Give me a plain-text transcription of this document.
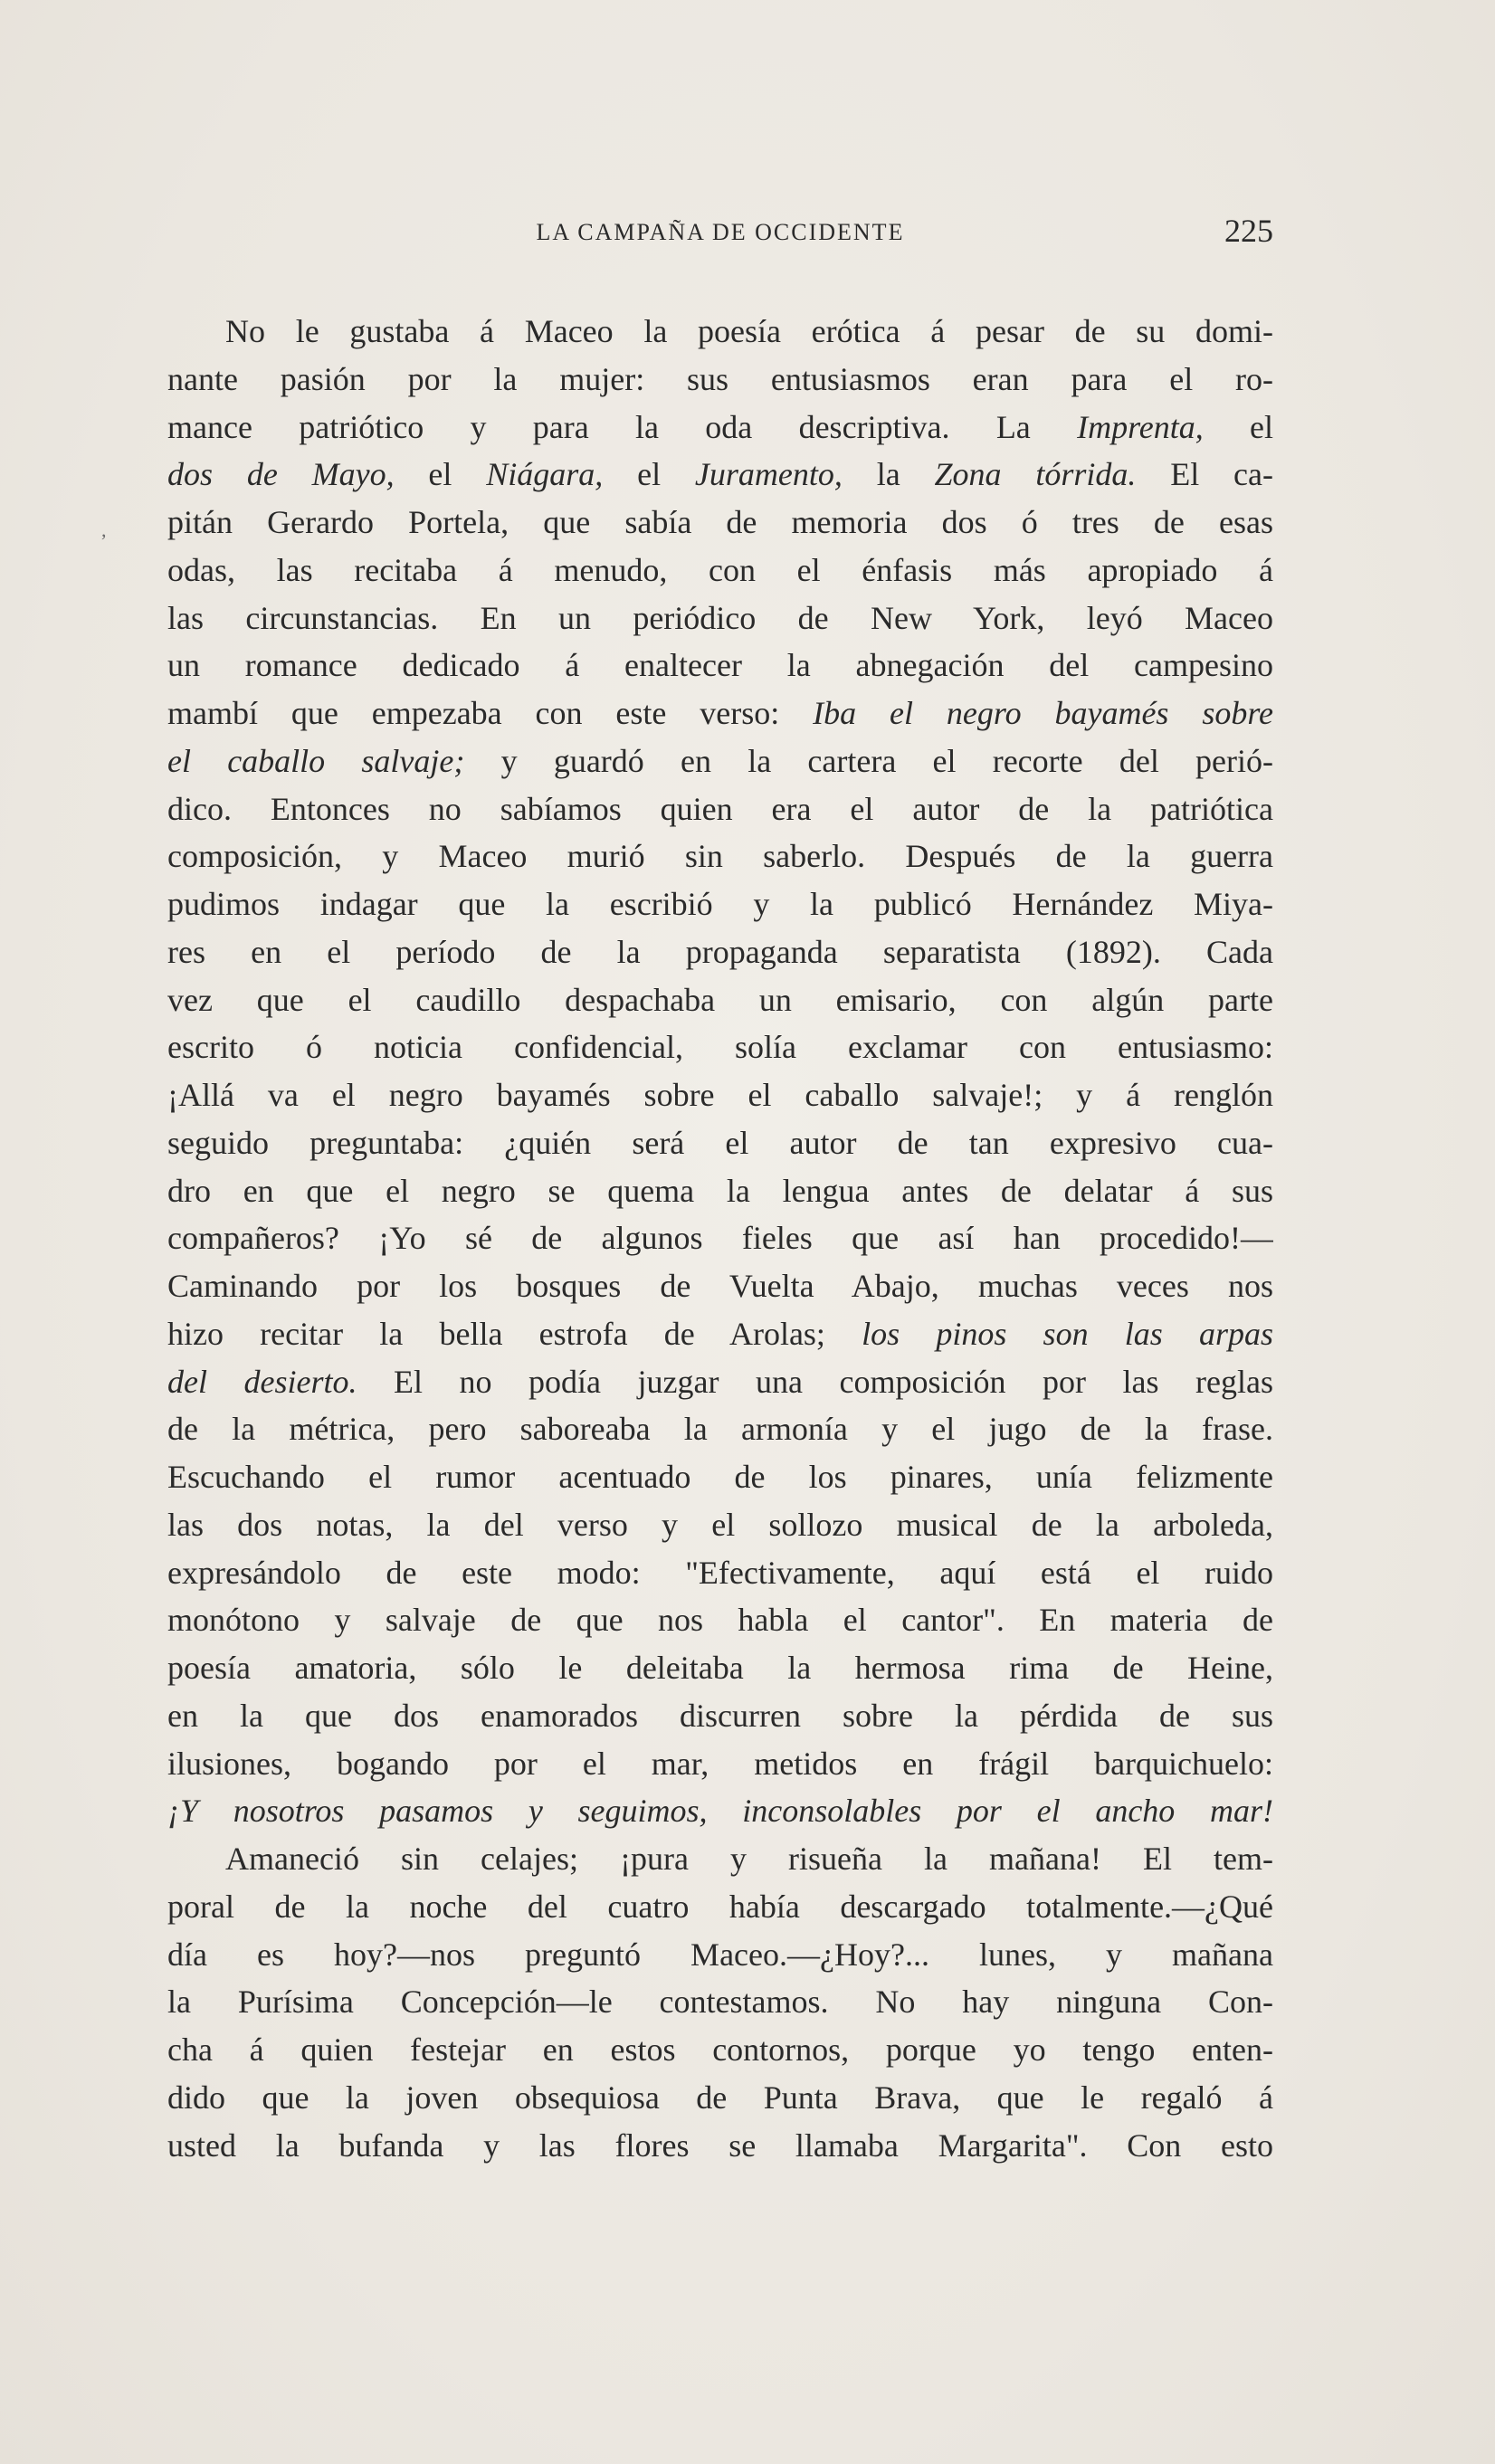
LA CAMPAÑA DE OCCIDENTE	225
,
No le gustaba á Maceo la poesía erótica á pesar de su domi-
nante pasión por la mujer: sus entusiasmos eran para el ro-
mance patriótico y para la oda descriptiva. La Imprenta, el
dos de Mayo, el Niágara, el Juramento, la Zona tórrida. El ca-
pitán Gerardo Portela, que sabía de memoria dos ó tres de esas
odas, las recitaba á menudo, con el énfasis más apropiado á
las circunstancias. En un periódico de New York, leyó Maceo
un romance dedicado á enaltecer la abnegación del campesino
mambí que empezaba con este verso: Iba el negro bayamés sobre
el caballo salvaje; y guardó en la cartera el recorte del perió-
dico. Entonces no sabíamos quien era el autor de la patriótica
composición, y Maceo murió sin saberlo. Después de la guerra
pudimos indagar que la escribió y la publicó Hernández Miya-
res en el período de la propaganda separatista (1892). Cada
vez que el caudillo despachaba un emisario, con algún parte
escrito ó noticia confidencial, solía exclamar con entusiasmo:
¡Allá va el negro bayamés sobre el caballo salvaje!; y á renglón
seguido preguntaba: ¿quién será el autor de tan expresivo cua-
dro en que el negro se quema la lengua antes de delatar á sus
compañeros? ¡Yo sé de algunos fieles que así han procedido!—
Caminando por los bosques de Vuelta Abajo, muchas veces nos
hizo recitar la bella estrofa de Arolas; los pinos son las arpas
del desierto. El no podía juzgar una composición por las reglas
de la métrica, pero saboreaba la armonía y el jugo de la frase.
Escuchando el rumor acentuado de los pinares, unía felizmente
las dos notas, la del verso y el sollozo musical de la arboleda,
expresándolo de este modo: "Efectivamente, aquí está el ruido
monótono y salvaje de que nos habla el cantor". En materia de
poesía amatoria, sólo le deleitaba la hermosa rima de Heine,
en la que dos enamorados discurren sobre la pérdida de sus
ilusiones, bogando por el mar, metidos en frágil barquichuelo:
¡Y nosotros pasamos y seguimos, inconsolables por el ancho mar!
Amaneció sin celajes; ¡pura y risueña la mañana! El tem-
poral de la noche del cuatro había descargado totalmente.—¿Qué
día es hoy?—nos preguntó Maceo.—¿Hoy?... lunes, y mañana
la Purísima Concepción—le contestamos. No hay ninguna Con-
cha á quien festejar en estos contornos, porque yo tengo enten-
dido que la joven obsequiosa de Punta Brava, que le regaló á
usted la bufanda y las flores se llamaba Margarita". Con esto
